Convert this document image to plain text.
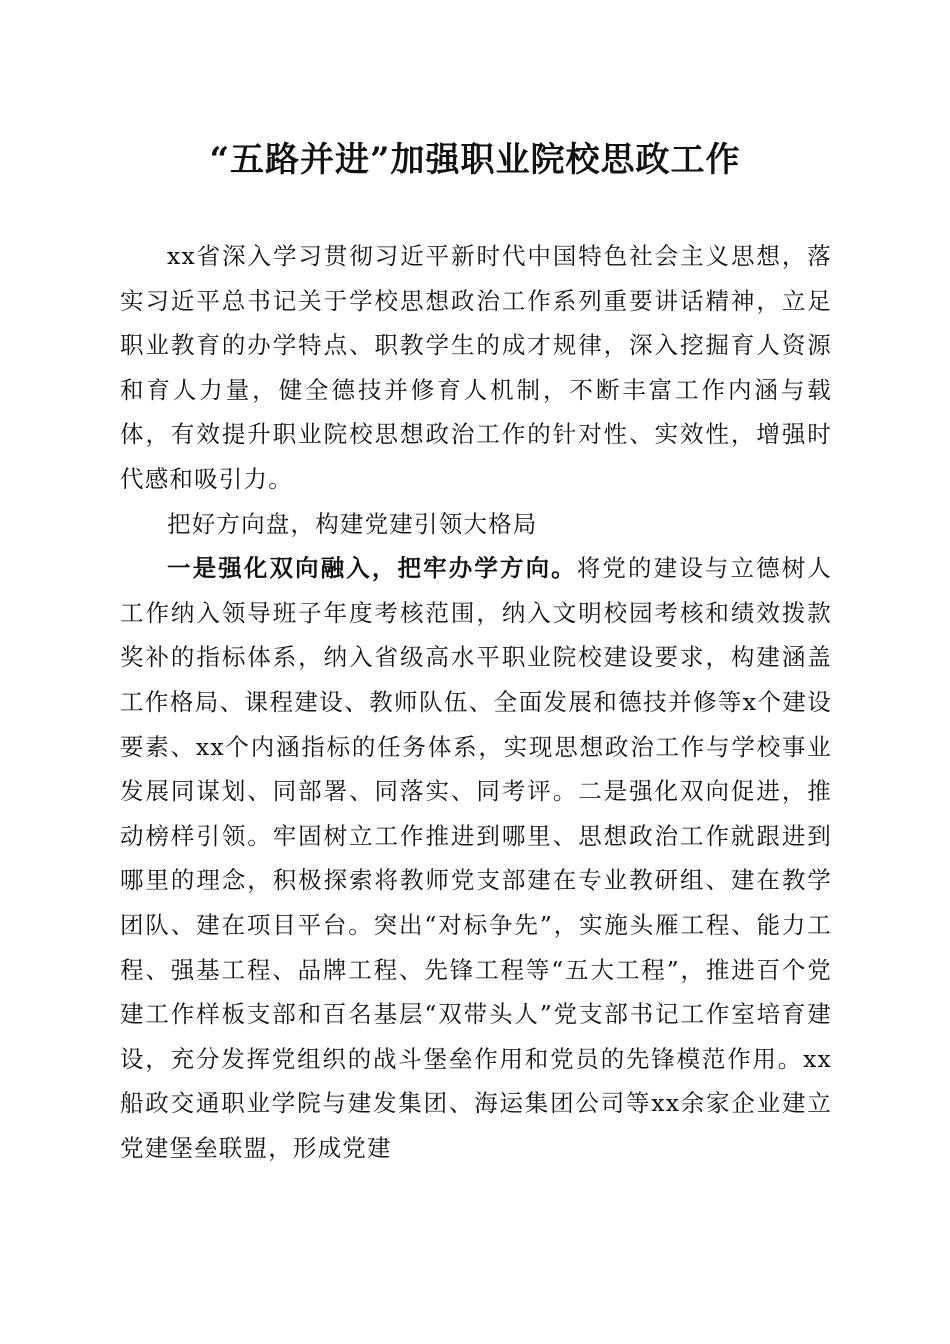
“五路并进”加强职业院校思政工作

xx省深入学习贯彻习近平新时代中国特色社会主义思想，落实习近平总书记关于学校思想政治工作系列重要讲话精神，立足职业教育的办学特点、职教学生的成才规律，深入挖掘育人资源和育人力量，健全德技并修育人机制，不断丰富工作内涵与载体，有效提升职业院校思想政治工作的针对性、实效性，增强时代感和吸引力。

把好方向盘，构建党建引领大格局

一是强化双向融入，把牢办学方向。将党的建设与立德树人工作纳入领导班子年度考核范围，纳入文明校园考核和绩效拨款奖补的指标体系，纳入省级高水平职业院校建设要求，构建涵盖工作格局、课程建设、教师队伍、全面发展和德技并修等x个建设要素、xx个内涵指标的任务体系，实现思想政治工作与学校事业发展同谋划、同部署、同落实、同考评。二是强化双向促进，推动榜样引领。牢固树立工作推进到哪里、思想政治工作就跟进到哪里的理念，积极探索将教师党支部建在专业教研组、建在教学团队、建在项目平台。突出“对标争先”，实施头雁工程、能力工程、强基工程、品牌工程、先锋工程等“五大工程”，推进百个党建工作样板支部和百名基层“双带头人”党支部书记工作室培育建设，充分发挥党组织的战斗堡垒作用和党员的先锋模范作用。xx船政交通职业学院与建发集团、海运集团公司等xx余家企业建立党建堡垒联盟，形成党建
